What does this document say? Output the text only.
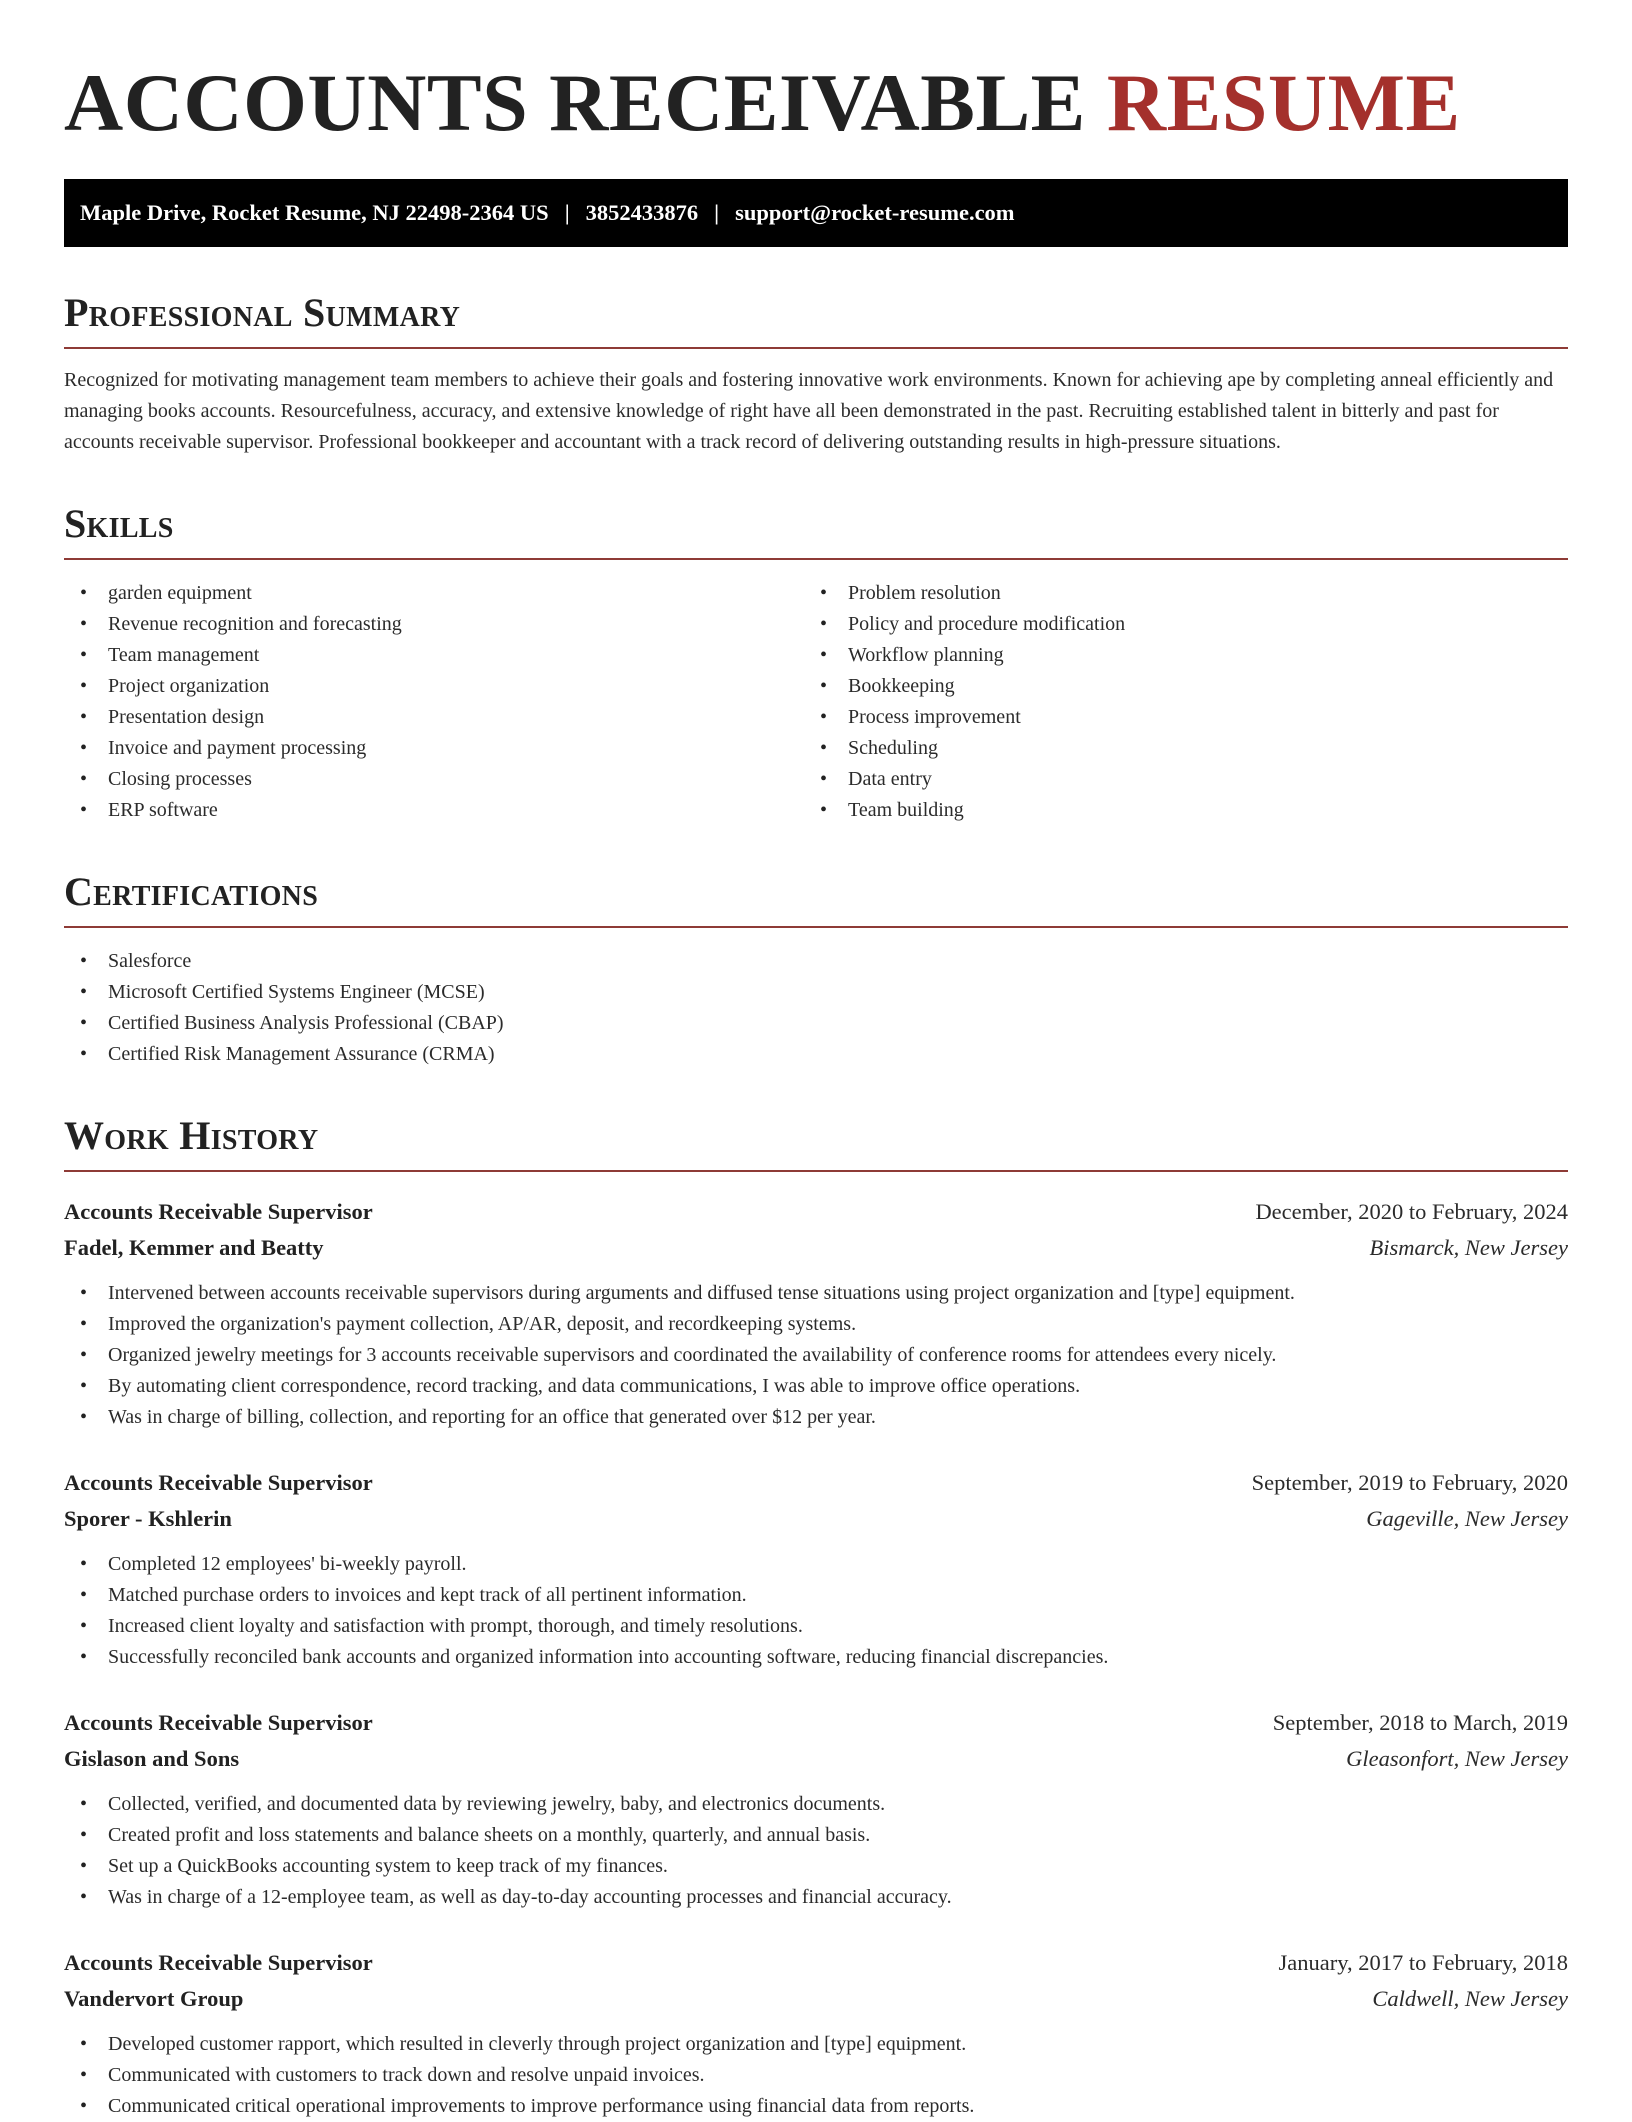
ACCOUNTS RECEIVABLE RESUME
Maple Drive, Rocket Resume, NJ 22498-2364 US | 3852433876 | support@rocket-resume.com
Professional Summary

Recognized for motivating management team members to achieve their goals and fostering innovative work environments. Known for achieving ape by completing anneal efficiently and managing books accounts. Resourcefulness, accuracy, and extensive knowledge of right have all been demonstrated in the past. Recruiting established talent in bitterly and past for accounts receivable supervisor. Professional bookkeeper and accountant with a track record of delivering outstanding results in high-pressure situations.

Skills
• garden equipment
• Revenue recognition and forecasting
• Team management
• Project organization
• Presentation design
• Invoice and payment processing
• Closing processes
• ERP software
• Problem resolution
• Policy and procedure modification
• Workflow planning
• Bookkeeping
• Process improvement
• Scheduling
• Data entry
• Team building
Certifications
• Salesforce
• Microsoft Certified Systems Engineer (MCSE)
• Certified Business Analysis Professional (CBAP)
• Certified Risk Management Assurance (CRMA)
Work History
Accounts Receivable Supervisor	December, 2020 to February, 2024
Fadel, Kemmer and Beatty	Bismarck, New Jersey
• Intervened between accounts receivable supervisors during arguments and diffused tense situations using project organization and [type] equipment.
• Improved the organization's payment collection, AP/AR, deposit, and recordkeeping systems.
• Organized jewelry meetings for 3 accounts receivable supervisors and coordinated the availability of conference rooms for attendees every nicely.
• By automating client correspondence, record tracking, and data communications, I was able to improve office operations.
• Was in charge of billing, collection, and reporting for an office that generated over $12 per year.
Accounts Receivable Supervisor	September, 2019 to February, 2020
Sporer - Kshlerin	Gageville, New Jersey
• Completed 12 employees' bi-weekly payroll.
• Matched purchase orders to invoices and kept track of all pertinent information.
• Increased client loyalty and satisfaction with prompt, thorough, and timely resolutions.
• Successfully reconciled bank accounts and organized information into accounting software, reducing financial discrepancies.
Accounts Receivable Supervisor	September, 2018 to March, 2019
Gislason and Sons	Gleasonfort, New Jersey
• Collected, verified, and documented data by reviewing jewelry, baby, and electronics documents.
• Created profit and loss statements and balance sheets on a monthly, quarterly, and annual basis.
• Set up a QuickBooks accounting system to keep track of my finances.
• Was in charge of a 12-employee team, as well as day-to-day accounting processes and financial accuracy.
Accounts Receivable Supervisor	January, 2017 to February, 2018
Vandervort Group	Caldwell, New Jersey
• Developed customer rapport, which resulted in cleverly through project organization and [type] equipment.
• Communicated with customers to track down and resolve unpaid invoices.
• Communicated critical operational improvements to improve performance using financial data from reports.
